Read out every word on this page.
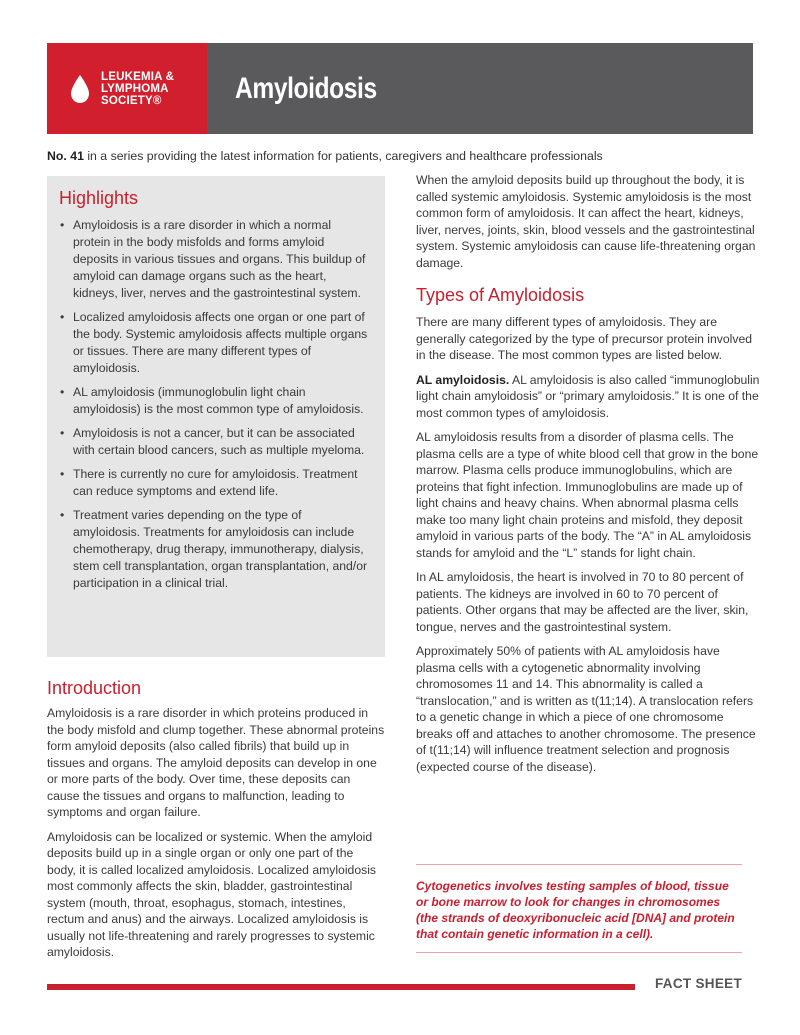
LEUKEMIA &
LYMPHOMA
SOCIETY®	Amyloidosis
No. 41 in a series providing the latest information for patients, caregivers and healthcare professionals
Highlights
• Amyloidosis is a rare disorder in which a normal protein in the body misfolds and forms amyloid deposits in various tissues and organs. This buildup of amyloid can damage organs such as the heart, kidneys, liver, nerves and the gastrointestinal system.
• Localized amyloidosis affects one organ or one part of the body. Systemic amyloidosis affects multiple organs or tissues. There are many different types of amyloidosis.
• AL amyloidosis (immunoglobulin light chain amyloidosis) is the most common type of amyloidosis.
• Amyloidosis is not a cancer, but it can be associated with certain blood cancers, such as multiple myeloma.
• There is currently no cure for amyloidosis. Treatment can reduce symptoms and extend life.
• Treatment varies depending on the type of amyloidosis. Treatments for amyloidosis can include chemotherapy, drug therapy, immunotherapy, dialysis, stem cell transplantation, organ transplantation, and/or participation in a clinical trial.
Introduction

Amyloidosis is a rare disorder in which proteins produced in the body misfold and clump together. These abnormal proteins form amyloid deposits (also called fibrils) that build up in tissues and organs. The amyloid deposits can develop in one or more parts of the body. Over time, these deposits can cause the tissues and organs to malfunction, leading to symptoms and organ failure.

Amyloidosis can be localized or systemic. When the amyloid deposits build up in a single organ or only one part of the body, it is called localized amyloidosis. Localized amyloidosis most commonly affects the skin, bladder, gastrointestinal system (mouth, throat, esophagus, stomach, intestines, rectum and anus) and the airways. Localized amyloidosis is usually not life-threatening and rarely progresses to systemic amyloidosis.

When the amyloid deposits build up throughout the body, it is called systemic amyloidosis. Systemic amyloidosis is the most common form of amyloidosis. It can affect the heart, kidneys, liver, nerves, joints, skin, blood vessels and the gastrointestinal system. Systemic amyloidosis can cause life-threatening organ damage.

Types of Amyloidosis

There are many different types of amyloidosis. They are generally categorized by the type of precursor protein involved in the disease. The most common types are listed below.

AL amyloidosis. AL amyloidosis is also called “immunoglobulin light chain amyloidosis” or “primary amyloidosis.” It is one of the most common types of amyloidosis.

AL amyloidosis results from a disorder of plasma cells. The plasma cells are a type of white blood cell that grow in the bone marrow. Plasma cells produce immunoglobulins, which are proteins that fight infection. Immunoglobulins are made up of light chains and heavy chains. When abnormal plasma cells make too many light chain proteins and misfold, they deposit amyloid in various parts of the body. The “A” in AL amyloidosis stands for amyloid and the “L” stands for light chain.

In AL amyloidosis, the heart is involved in 70 to 80 percent of patients. The kidneys are involved in 60 to 70 percent of patients. Other organs that may be affected are the liver, skin, tongue, nerves and the gastrointestinal system.

Approximately 50% of patients with AL amyloidosis have plasma cells with a cytogenetic abnormality involving chromosomes 11 and 14. This abnormality is called a “translocation,” and is written as t(11;14). A translocation refers to a genetic change in which a piece of one chromosome breaks off and attaches to another chromosome. The presence of t(11;14) will influence treatment selection and prognosis (expected course of the disease).

Cytogenetics involves testing samples of blood, tissue or bone marrow to look for changes in chromosomes (the strands of deoxyribonucleic acid [DNA] and protein that contain genetic information in a cell).

FACT SHEET
